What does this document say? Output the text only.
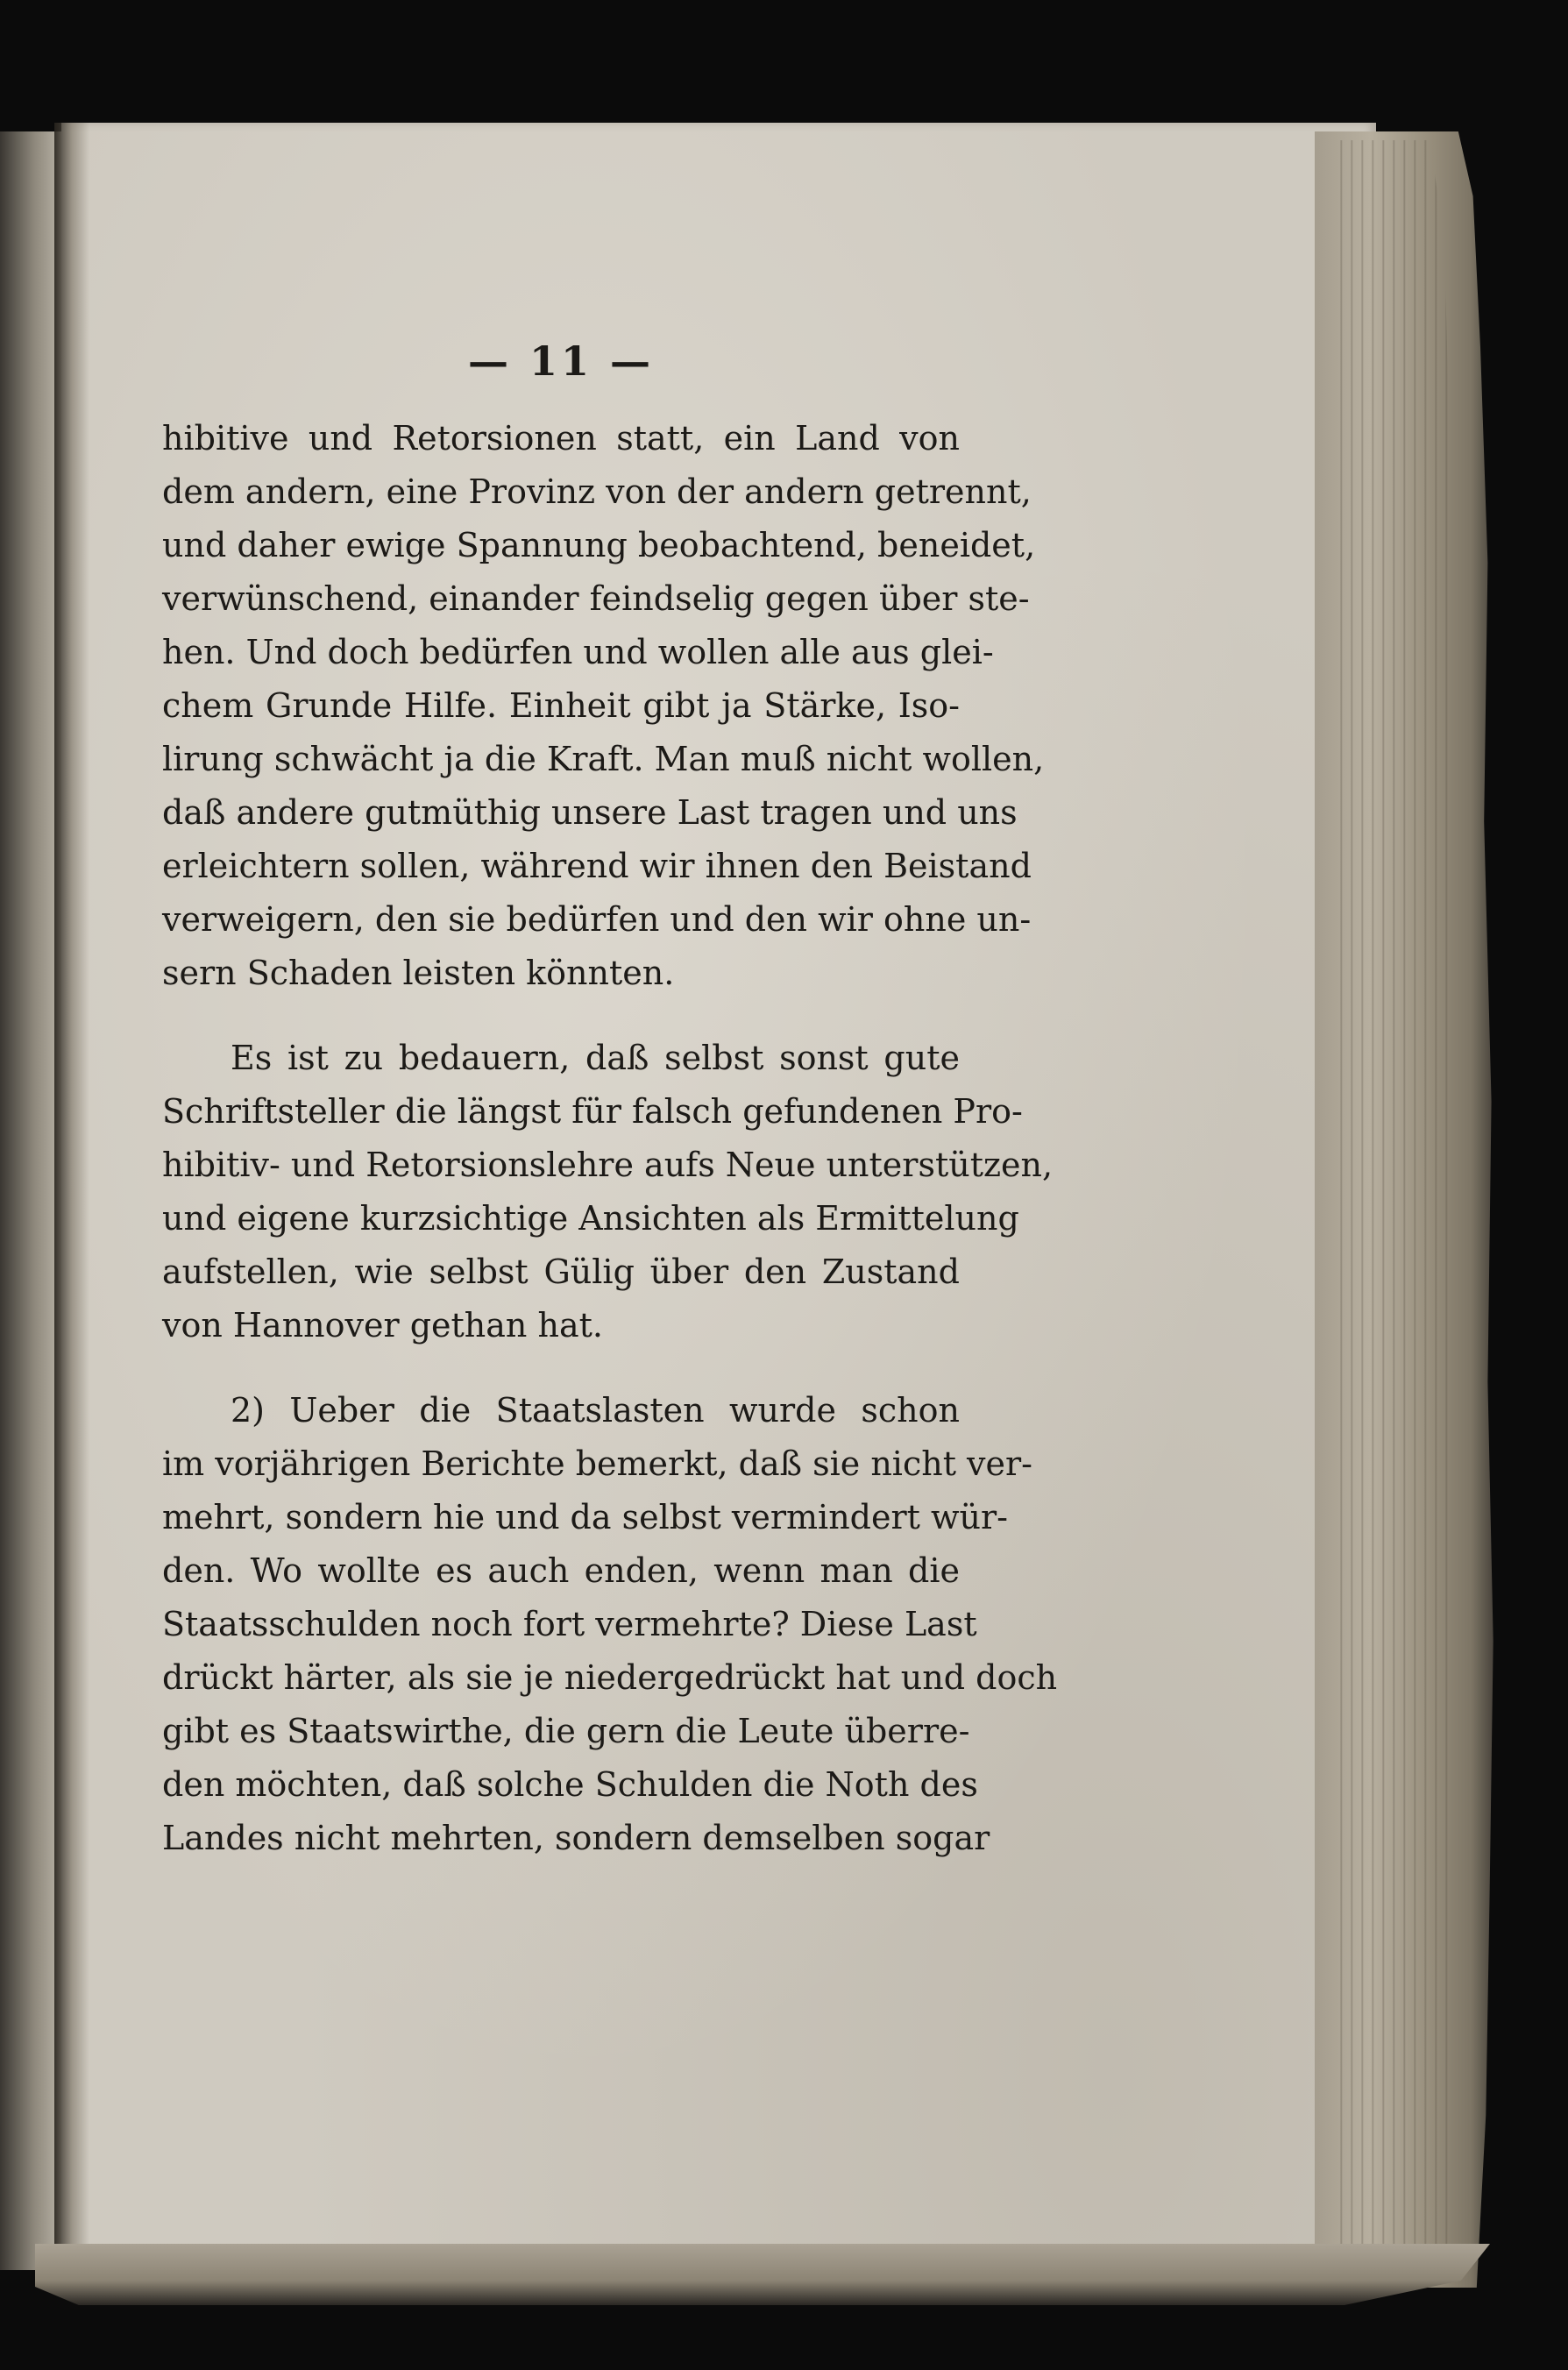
— 11 —
hibitive und Retorsionen statt, ein Land von
dem andern, eine Provinz von der andern getrennt,
und daher ewige Spannung beobachtend, beneidet,
verwünschend, einander feindselig gegen über ste-
hen. Und doch bedürfen und wollen alle aus glei-
chem Grunde Hilfe. Einheit gibt ja Stärke, Iso-
lirung schwächt ja die Kraft. Man muß nicht wollen,
daß andere gutmüthig unsere Last tragen und uns
erleichtern sollen, während wir ihnen den Beistand
verweigern, den sie bedürfen und den wir ohne un-
sern Schaden leisten könnten.
Es ist zu bedauern, daß selbst sonst gute
Schriftsteller die längst für falsch gefundenen Pro-
hibitiv- und Retorsionslehre aufs Neue unterstützen,
und eigene kurzsichtige Ansichten als Ermittelung
aufstellen, wie selbst Gülig über den Zustand
von Hannover gethan hat.
2) Ueber die Staatslasten wurde schon
im vorjährigen Berichte bemerkt, daß sie nicht ver-
mehrt, sondern hie und da selbst vermindert wür-
den. Wo wollte es auch enden, wenn man die
Staatsschulden noch fort vermehrte? Diese Last
drückt härter, als sie je niedergedrückt hat und doch
gibt es Staatswirthe, die gern die Leute überre-
den möchten, daß solche Schulden die Noth des
Landes nicht mehrten, sondern demselben sogar
